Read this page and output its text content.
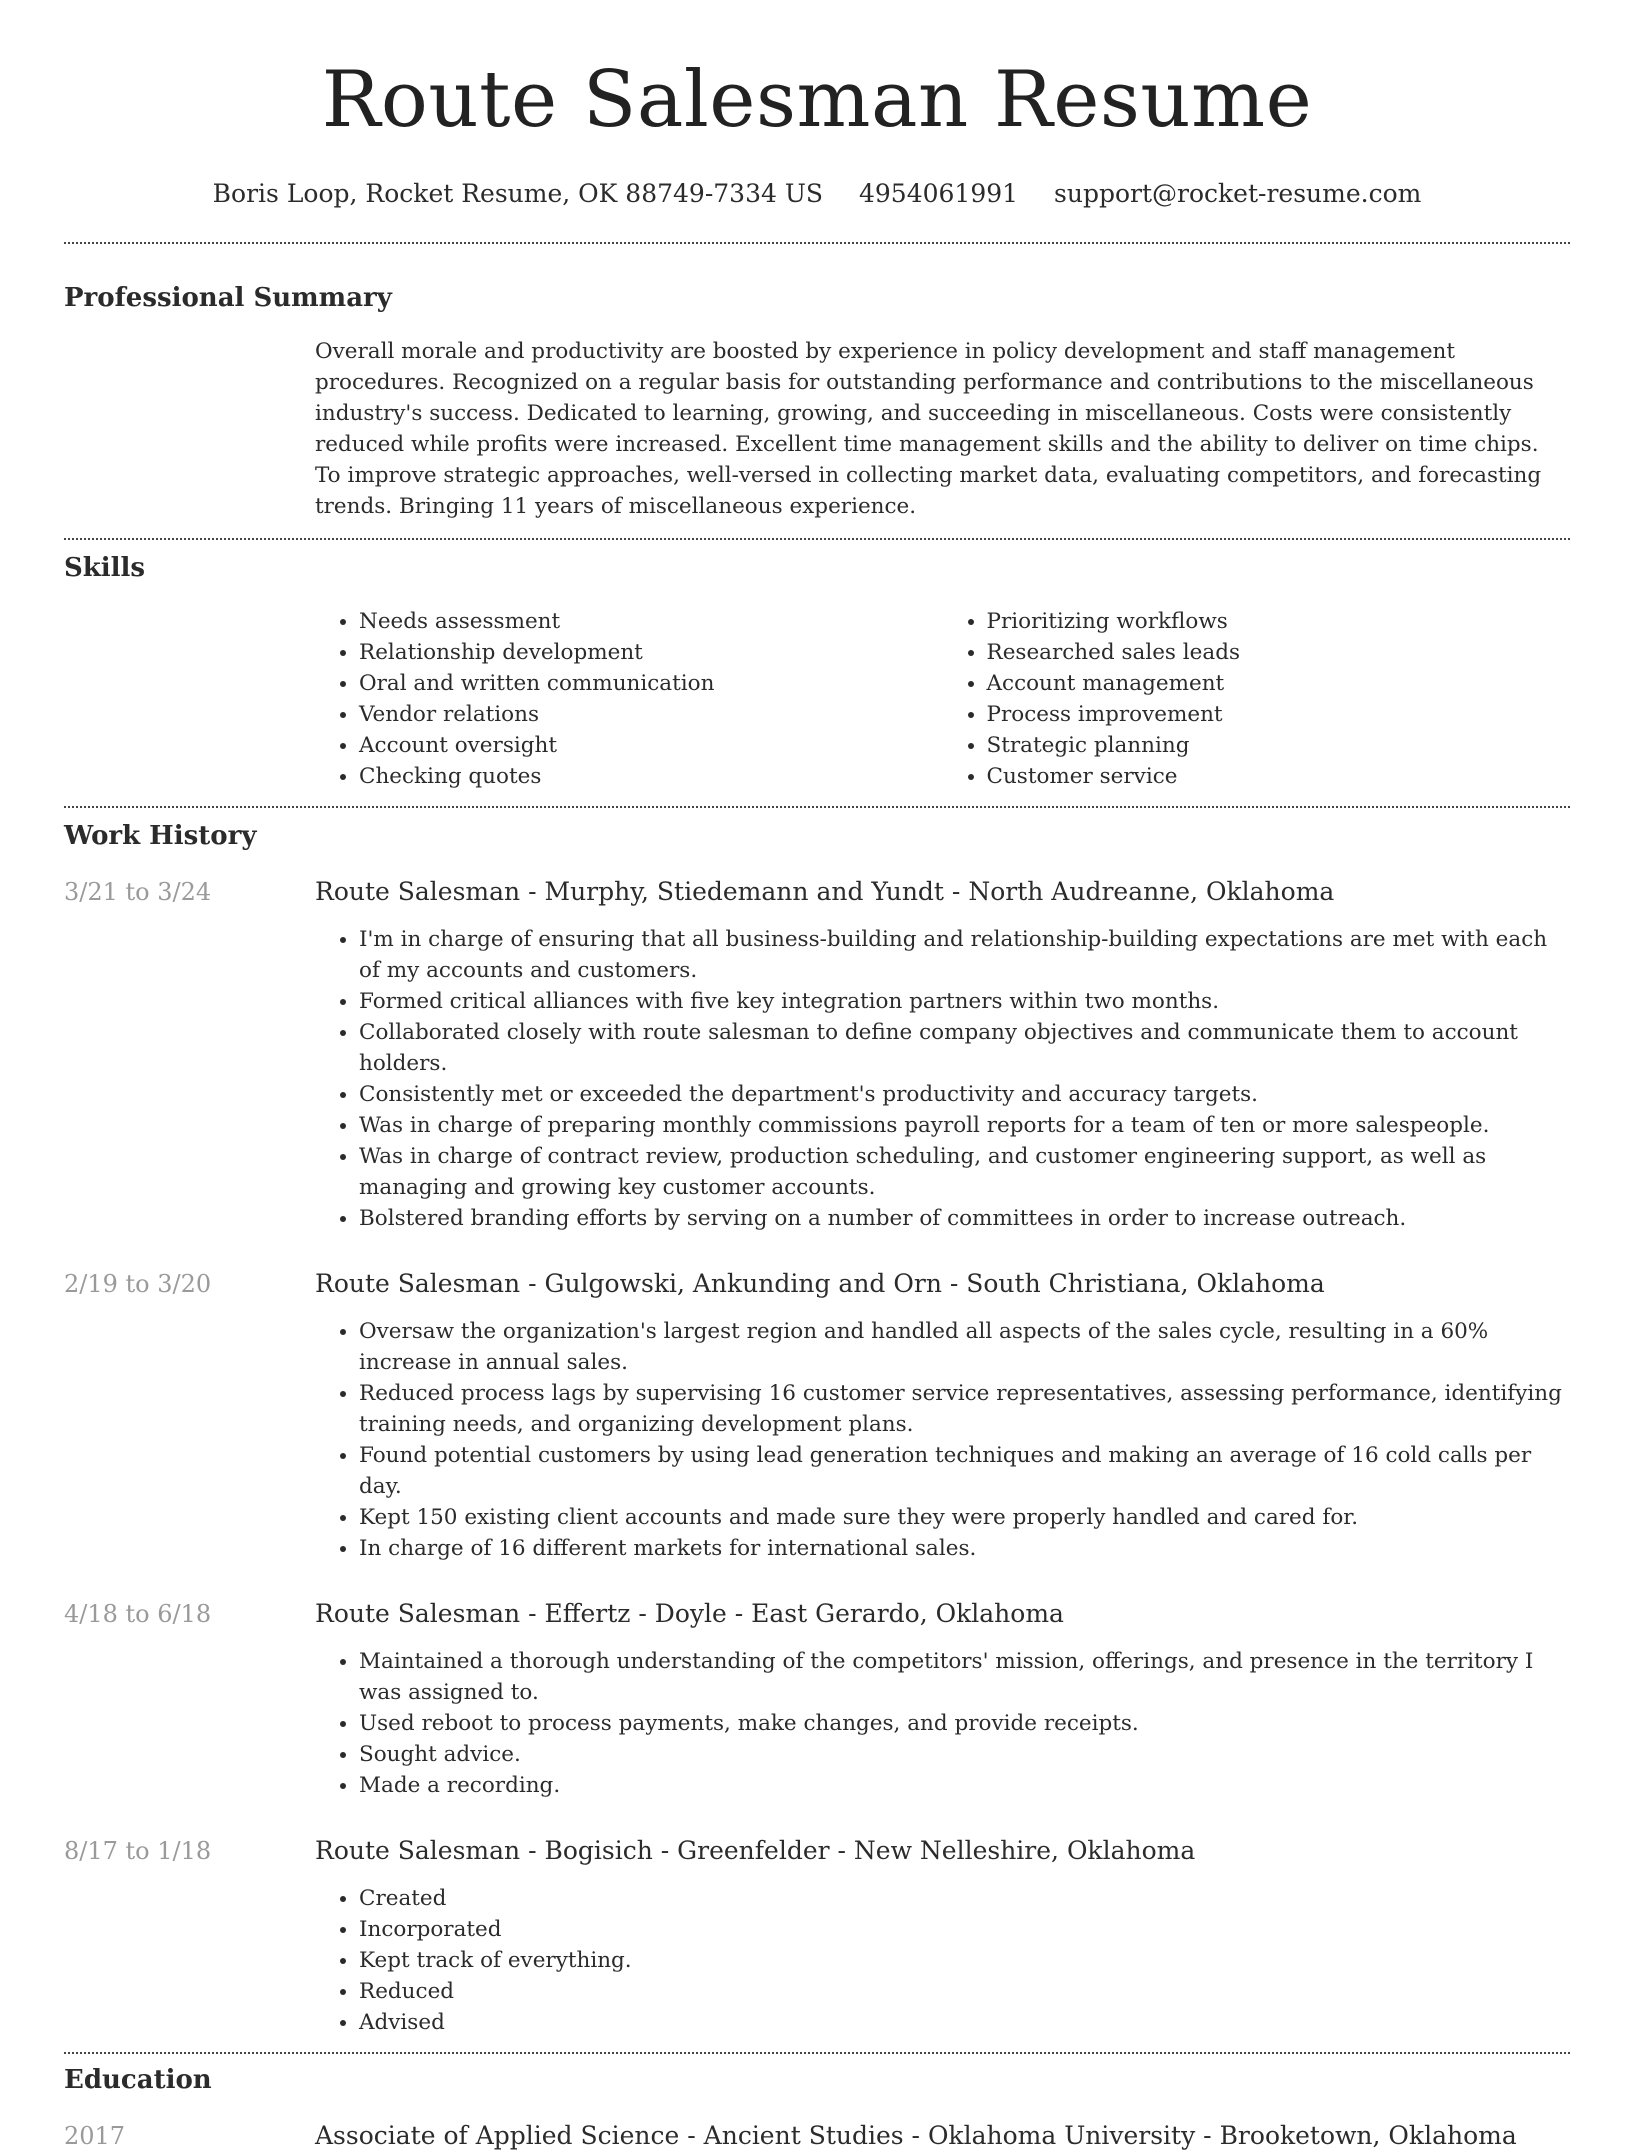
Route Salesman Resume
Boris Loop, Rocket Resume, OK 88749-7334 US 4954061991 support@rocket-resume.com
Professional Summary

Overall morale and productivity are boosted by experience in policy development and staff management procedures. Recognized on a regular basis for outstanding performance and contributions to the miscellaneous industry's success. Dedicated to learning, growing, and succeeding in miscellaneous. Costs were consistently reduced while profits were increased. Excellent time management skills and the ability to deliver on time chips. To improve strategic approaches, well-versed in collecting market data, evaluating competitors, and forecasting trends. Bringing 11 years of miscellaneous experience.

Skills
• Needs assessment
• Relationship development
• Oral and written communication
• Vendor relations
• Account oversight
• Checking quotes
• Prioritizing workflows
• Researched sales leads
• Account management
• Process improvement
• Strategic planning
• Customer service
Work History
3/21 to 3/24	Route Salesman - Murphy, Stiedemann and Yundt - North Audreanne, Oklahoma
• I'm in charge of ensuring that all business-building and relationship-building expectations are met with each of my accounts and customers.
• Formed critical alliances with five key integration partners within two months.
• Collaborated closely with route salesman to define company objectives and communicate them to account holders.
• Consistently met or exceeded the department's productivity and accuracy targets.
• Was in charge of preparing monthly commissions payroll reports for a team of ten or more salespeople.
• Was in charge of contract review, production scheduling, and customer engineering support, as well as managing and growing key customer accounts.
• Bolstered branding efforts by serving on a number of committees in order to increase outreach.
2/19 to 3/20	Route Salesman - Gulgowski, Ankunding and Orn - South Christiana, Oklahoma
• Oversaw the organization's largest region and handled all aspects of the sales cycle, resulting in a 60% increase in annual sales.
• Reduced process lags by supervising 16 customer service representatives, assessing performance, identifying training needs, and organizing development plans.
• Found potential customers by using lead generation techniques and making an average of 16 cold calls per day.
• Kept 150 existing client accounts and made sure they were properly handled and cared for.
• In charge of 16 different markets for international sales.
4/18 to 6/18	Route Salesman - Effertz - Doyle - East Gerardo, Oklahoma
• Maintained a thorough understanding of the competitors' mission, offerings, and presence in the territory I was assigned to.
• Used reboot to process payments, make changes, and provide receipts.
• Sought advice.
• Made a recording.
8/17 to 1/18	Route Salesman - Bogisich - Greenfelder - New Nelleshire, Oklahoma
• Created
• Incorporated
• Kept track of everything.
• Reduced
• Advised
Education
2017	Associate of Applied Science - Ancient Studies - Oklahoma University - Brooketown, Oklahoma
